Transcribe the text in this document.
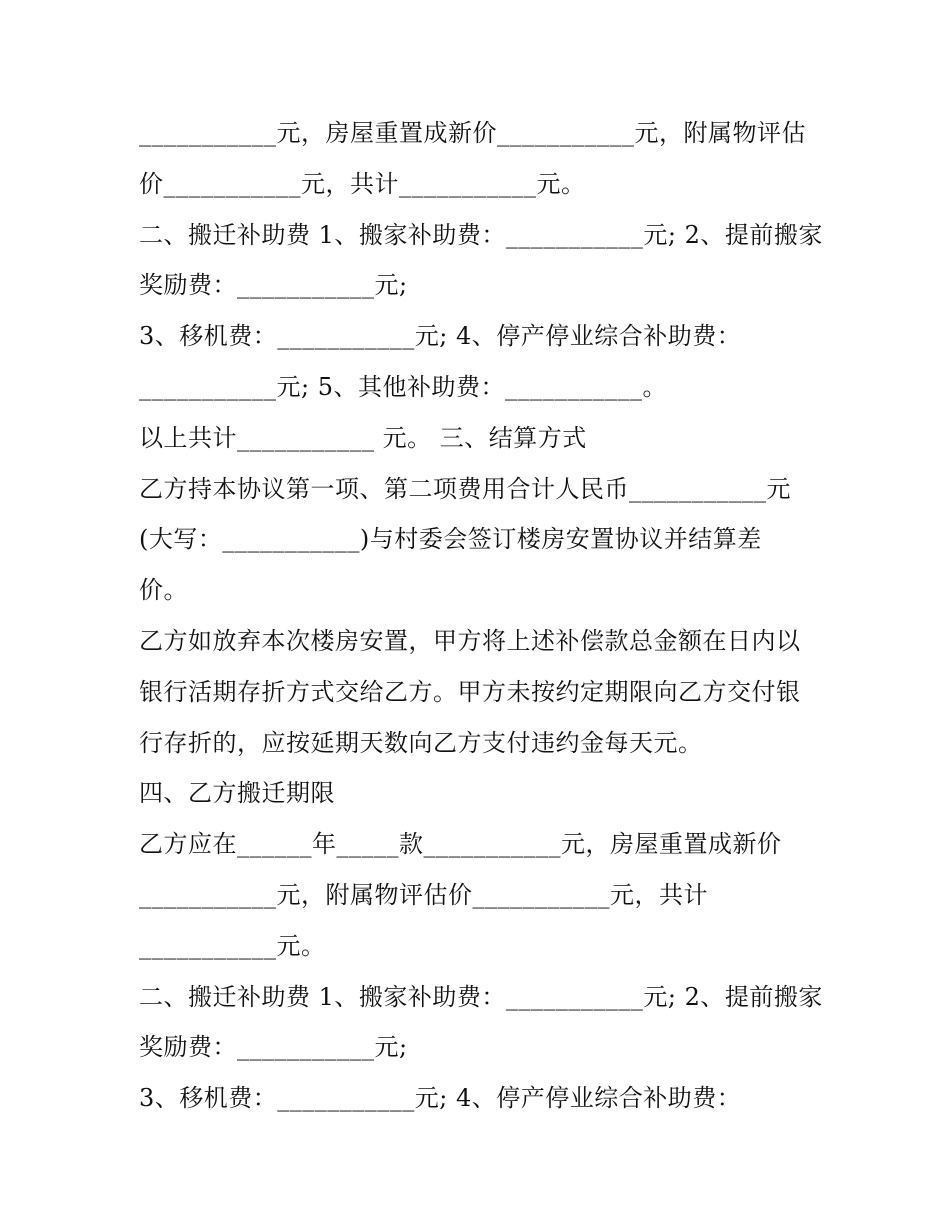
___________元，房屋重置成新价___________元，附属物评估
价___________元，共计___________元。
二、搬迁补助费 1、搬家补助费：___________元; 2、提前搬家
奖励费：___________元;
3、移机费：___________元; 4、停产停业综合补助费：
___________元; 5、其他补助费：___________。
以上共计___________ 元。 三、结算方式
乙方持本协议第一项、第二项费用合计人民币___________元
(大写：___________)与村委会签订楼房安置协议并结算差
价。
乙方如放弃本次楼房安置，甲方将上述补偿款总金额在日内以
银行活期存折方式交给乙方。甲方未按约定期限向乙方交付银
行存折的，应按延期天数向乙方支付违约金每天元。
四、乙方搬迁期限
乙方应在______年_____款___________元，房屋重置成新价
___________元，附属物评估价___________元，共计
___________元。
二、搬迁补助费 1、搬家补助费：___________元; 2、提前搬家
奖励费：___________元;
3、移机费：___________元; 4、停产停业综合补助费：
